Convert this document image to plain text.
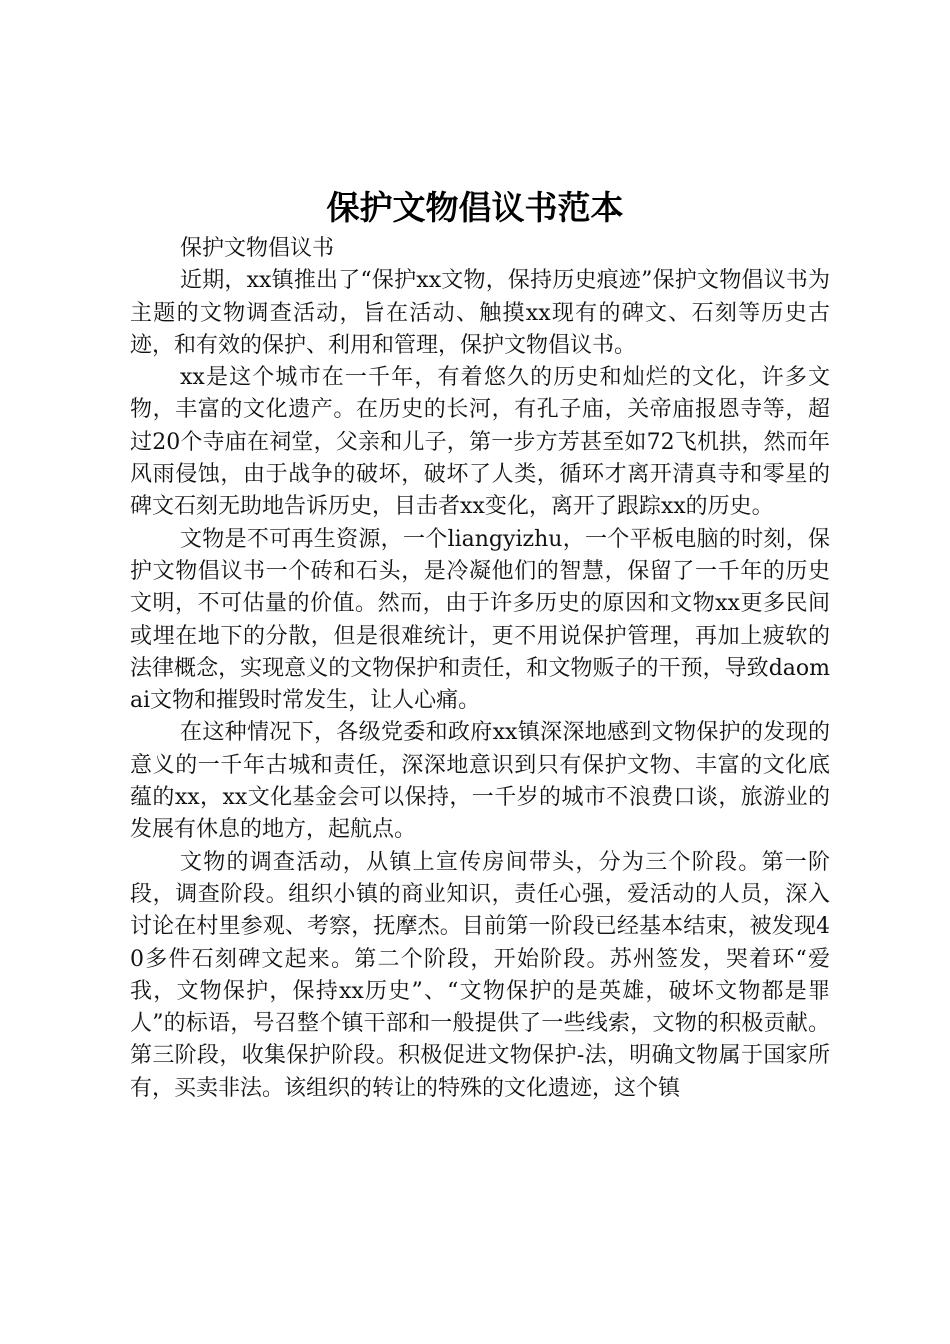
保护文物倡议书范本

保护文物倡议书

近期，xx镇推出了“保护xx文物，保持历史痕迹”保护文物倡议书为主题的文物调查活动，旨在活动、触摸xx现有的碑文、石刻等历史古迹，和有效的保护、利用和管理，保护文物倡议书。

xx是这个城市在一千年，有着悠久的历史和灿烂的文化，许多文物，丰富的文化遗产。在历史的长河，有孔子庙，关帝庙报恩寺等，超过20个寺庙在祠堂，父亲和儿子，第一步方芳甚至如72飞机拱，然而年风雨侵蚀，由于战争的破坏，破坏了人类，循环才离开清真寺和零星的碑文石刻无助地告诉历史，目击者xx变化，离开了跟踪xx的历史。

文物是不可再生资源，一个liangyizhu，一个平板电脑的时刻，保护文物倡议书一个砖和石头，是冷凝他们的智慧，保留了一千年的历史文明，不可估量的价值。然而，由于许多历史的原因和文物xx更多民间或埋在地下的分散，但是很难统计，更不用说保护管理，再加上疲软的法律概念，实现意义的文物保护和责任，和文物贩子的干预，导致daomai文物和摧毁时常发生，让人心痛。

在这种情况下，各级党委和政府xx镇深深地感到文物保护的发现的意义的一千年古城和责任，深深地意识到只有保护文物、丰富的文化底蕴的xx，xx文化基金会可以保持，一千岁的城市不浪费口谈，旅游业的发展有休息的地方，起航点。

文物的调查活动，从镇上宣传房间带头，分为三个阶段。第一阶段，调查阶段。组织小镇的商业知识，责任心强，爱活动的人员，深入讨论在村里参观、考察，抚摩杰。目前第一阶段已经基本结束，被发现40多件石刻碑文起来。第二个阶段，开始阶段。苏州签发，哭着环“爱我，文物保护，保持xx历史”、“文物保护的是英雄，破坏文物都是罪人”的标语，号召整个镇干部和一般提供了一些线索，文物的积极贡献。第三阶段，收集保护阶段。积极促进文物保护-法，明确文物属于国家所有，买卖非法。该组织的转让的特殊的文化遗迹，这个镇
